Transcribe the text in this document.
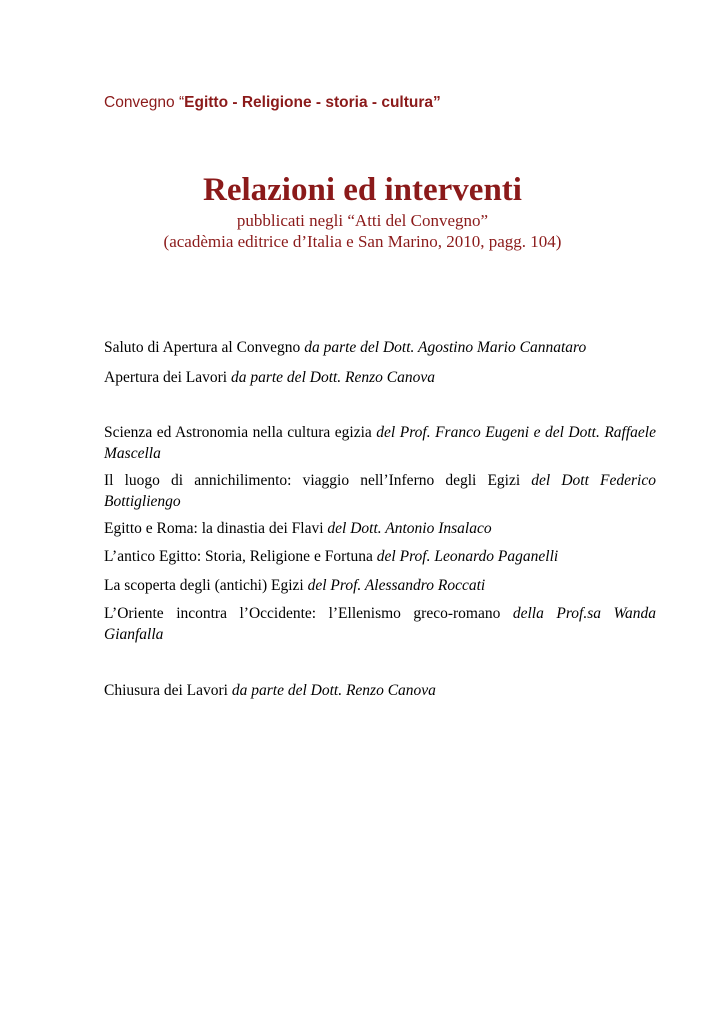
Convegno “Egitto - Religione - storia - cultura”
Relazioni ed interventi
pubblicati negli “Atti del Convegno”
(acadèmia editrice d’Italia e San Marino, 2010, pagg. 104)

Saluto di Apertura al Convegno da parte del Dott. Agostino Mario Cannataro

Apertura dei Lavori da parte del Dott. Renzo Canova

Scienza ed Astronomia nella cultura egizia del Prof. Franco Eugeni e del Dott. Raffaele Mascella

Il luogo di annichilimento: viaggio nell’Inferno degli Egizi del Dott Federico Bottigliengo

Egitto e Roma: la dinastia dei Flavi del Dott. Antonio Insalaco

L’antico Egitto: Storia, Religione e Fortuna del Prof. Leonardo Paganelli

La scoperta degli (antichi) Egizi del Prof. Alessandro Roccati

L’Oriente incontra l’Occidente: l’Ellenismo greco-romano della Prof.sa Wanda Gianfalla

Chiusura dei Lavori da parte del Dott. Renzo Canova
